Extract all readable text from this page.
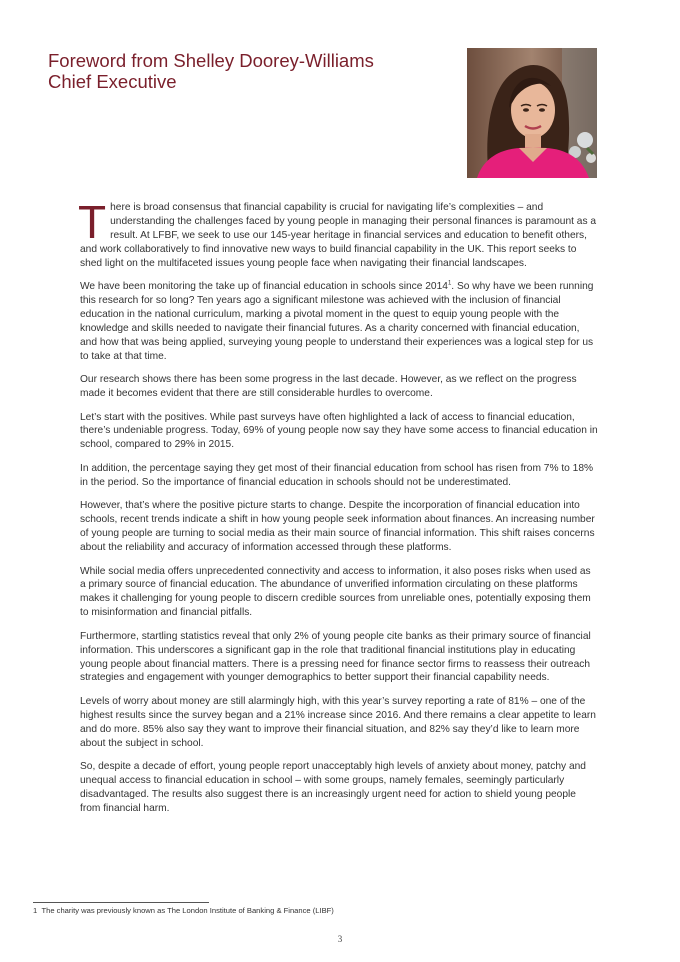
Foreword from Shelley Doorey-Williams
Chief Executive

There is broad consensus that financial capability is crucial for navigating life’s complexities – and understanding the challenges faced by young people in managing their personal finances is paramount as a result. At LFBF, we seek to use our 145-year heritage in financial services and education to benefit others, and work collaboratively to find innovative new ways to build financial capability in the UK. This report seeks to shed light on the multifaceted issues young people face when navigating their financial landscapes.

We have been monitoring the take up of financial education in schools since 2014$^1$. So why have we been running this research for so long? Ten years ago a significant milestone was achieved with the inclusion of financial education in the national curriculum, marking a pivotal moment in the quest to equip young people with the knowledge and skills needed to navigate their financial futures. As a charity concerned with financial education, and how that was being applied, surveying young people to understand their experiences was a logical step for us to take at that time.

Our research shows there has been some progress in the last decade. However, as we reflect on the progress made it becomes evident that there are still considerable hurdles to overcome.

Let’s start with the positives. While past surveys have often highlighted a lack of access to financial education, there’s undeniable progress. Today, 69% of young people now say they have some access to financial education in school, compared to 29% in 2015.

In addition, the percentage saying they get most of their financial education from school has risen from 7% to 18% in the period. So the importance of financial education in schools should not be underestimated.

However, that’s where the positive picture starts to change. Despite the incorporation of financial education into schools, recent trends indicate a shift in how young people seek information about finances. An increasing number of young people are turning to social media as their main source of financial information. This shift raises concerns about the reliability and accuracy of information accessed through these platforms.

While social media offers unprecedented connectivity and access to information, it also poses risks when used as a primary source of financial education. The abundance of unverified information circulating on these platforms makes it challenging for young people to discern credible sources from unreliable ones, potentially exposing them to misinformation and financial pitfalls.

Furthermore, startling statistics reveal that only 2% of young people cite banks as their primary source of financial information. This underscores a significant gap in the role that traditional financial institutions play in educating young people about financial matters. There is a pressing need for finance sector firms to reassess their outreach strategies and engagement with younger demographics to better support their financial capability needs.

Levels of worry about money are still alarmingly high, with this year’s survey reporting a rate of 81% – one of the highest results since the survey began and a 21% increase since 2016. And there remains a clear appetite to learn and do more. 85% also say they want to improve their financial situation, and 82% say they’d like to learn more about the subject in school.

So, despite a decade of effort, young people report unacceptably high levels of anxiety about money, patchy and unequal access to financial education in school – with some groups, namely females, seemingly particularly disadvantaged. The results also suggest there is an increasingly urgent need for action to shield young people from financial harm.

1 The charity was previously known as The London Institute of Banking & Finance (LIBF)
3
